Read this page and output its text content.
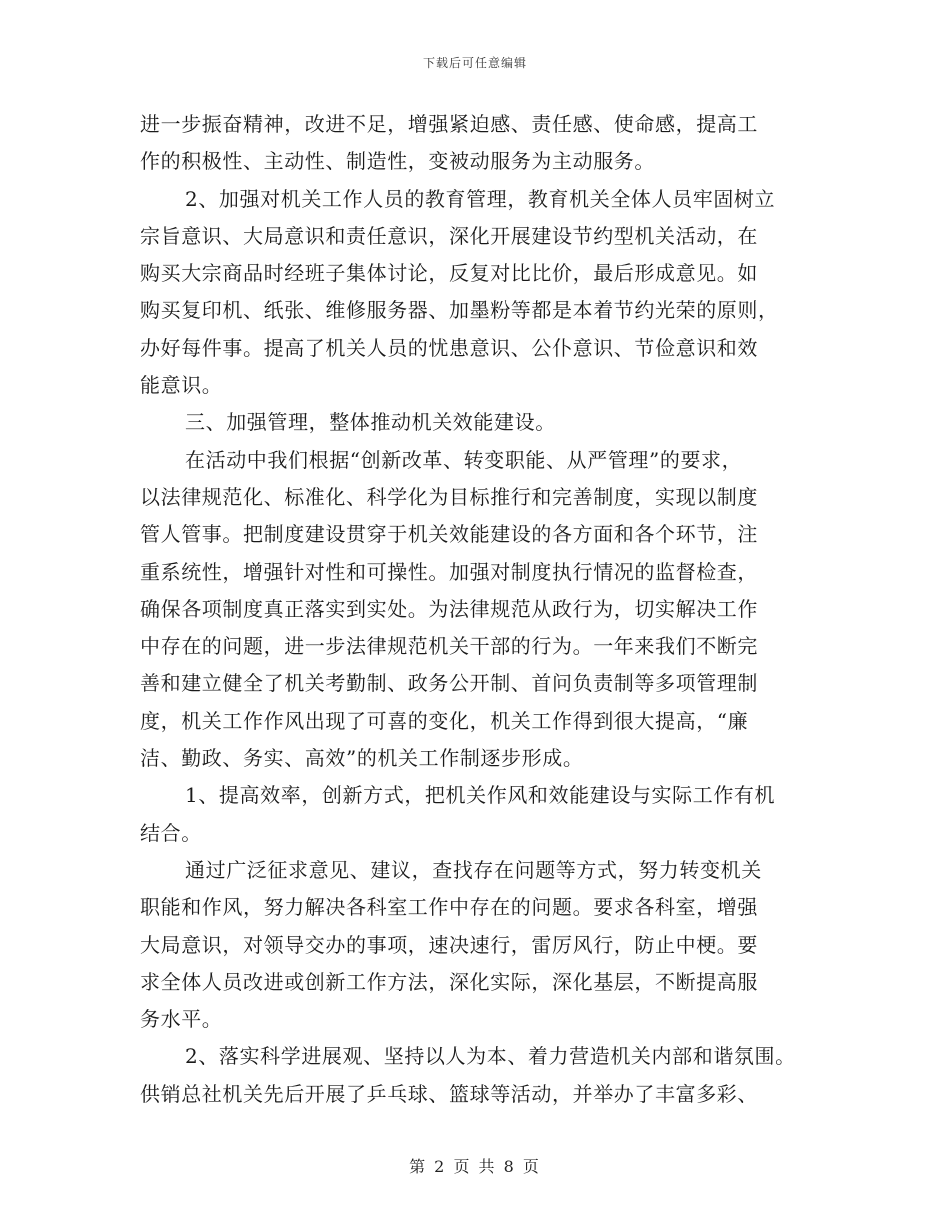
下载后可任意编辑
进一步振奋精神，改进不足，增强紧迫感、责任感、使命感，提高工
作的积极性、主动性、制造性，变被动服务为主动服务。
2、加强对机关工作人员的教育管理，教育机关全体人员牢固树立
宗旨意识、大局意识和责任意识，深化开展建设节约型机关活动，在
购买大宗商品时经班子集体讨论，反复对比比价，最后形成意见。如
购买复印机、纸张、维修服务器、加墨粉等都是本着节约光荣的原则，
办好每件事。提高了机关人员的忧患意识、公仆意识、节俭意识和效
能意识。
三、加强管理，整体推动机关效能建设。
在活动中我们根据“创新改革、转变职能、从严管理”的要求，
以法律规范化、标准化、科学化为目标推行和完善制度，实现以制度
管人管事。把制度建设贯穿于机关效能建设的各方面和各个环节，注
重系统性，增强针对性和可操性。加强对制度执行情况的监督检查，
确保各项制度真正落实到实处。为法律规范从政行为，切实解决工作
中存在的问题，进一步法律规范机关干部的行为。一年来我们不断完
善和建立健全了机关考勤制、政务公开制、首问负责制等多项管理制
度，机关工作作风出现了可喜的变化，机关工作得到很大提高，“廉
洁、勤政、务实、高效”的机关工作制逐步形成。
1、提高效率，创新方式，把机关作风和效能建设与实际工作有机
结合。
通过广泛征求意见、建议，查找存在问题等方式，努力转变机关
职能和作风，努力解决各科室工作中存在的问题。要求各科室，增强
大局意识，对领导交办的事项，速决速行，雷厉风行，防止中梗。要
求全体人员改进或创新工作方法，深化实际，深化基层，不断提高服
务水平。
2、落实科学进展观、坚持以人为本、着力营造机关内部和谐氛围。
供销总社机关先后开展了乒乓球、篮球等活动，并举办了丰富多彩、
第 2 页 共 8 页
